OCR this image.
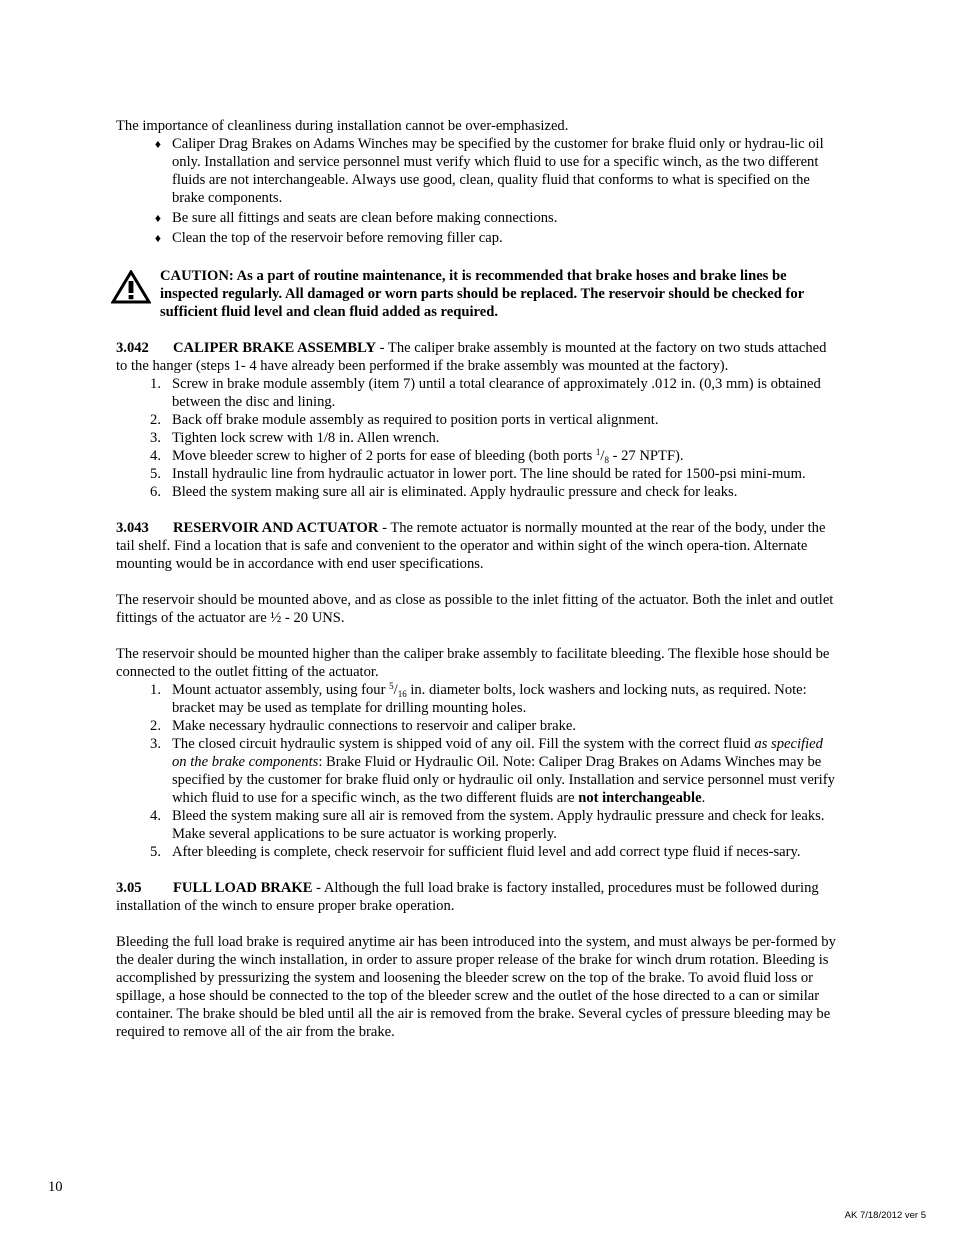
The importance of cleanliness during installation cannot be over-emphasized.

♦ Caliper Drag Brakes on Adams Winches may be specified by the customer for brake fluid only or hydrau-lic oil only. Installation and service personnel must verify which fluid to use for a specific winch, as the two different fluids are not interchangeable. Always use good, clean, quality fluid that conforms to what is specified on the brake components.
♦ Be sure all fittings and seats are clean before making connections.
♦ Clean the top of the reservoir before removing filler cap.
CAUTION: As a part of routine maintenance, it is recommended that brake hoses and brake lines be inspected regularly. All damaged or worn parts should be replaced. The reservoir should be checked for sufficient fluid level and clean fluid added as required.

3.042 CALIPER BRAKE ASSEMBLY - The caliper brake assembly is mounted at the factory on two studs attached to the hanger (steps 1- 4 have already been performed if the brake assembly was mounted at the factory).

1. Screw in brake module assembly (item 7) until a total clearance of approximately .012 in. (0,3 mm) is obtained between the disc and lining.
2. Back off brake module assembly as required to position ports in vertical alignment.
3. Tighten lock screw with 1/8 in. Allen wrench.
4. Move bleeder screw to higher of 2 ports for ease of bleeding (both ports $^1/_8 - 27$ NPTF).
5. Install hydraulic line from hydraulic actuator in lower port. The line should be rated for 1500-psi mini-mum.
6. Bleed the system making sure all air is eliminated. Apply hydraulic pressure and check for leaks.

3.043 RESERVOIR AND ACTUATOR - The remote actuator is normally mounted at the rear of the body, under the tail shelf. Find a location that is safe and convenient to the operator and within sight of the winch opera-tion. Alternate mounting would be in accordance with end user specifications.

The reservoir should be mounted above, and as close as possible to the inlet fitting of the actuator. Both the inlet and outlet fittings of the actuator are ½ - 20 UNS.

The reservoir should be mounted higher than the caliper brake assembly to facilitate bleeding. The flexible hose should be connected to the outlet fitting of the actuator.

1. Mount actuator assembly, using four $^5/_{16}$ in. diameter bolts, lock washers and locking nuts, as required. Note: bracket may be used as template for drilling mounting holes.
2. Make necessary hydraulic connections to reservoir and caliper brake.
3. The closed circuit hydraulic system is shipped void of any oil. Fill the system with the correct fluid as specified on the brake components: Brake Fluid or Hydraulic Oil. Note: Caliper Drag Brakes on Adams Winches may be specified by the customer for brake fluid only or hydraulic oil only. Installation and service personnel must verify which fluid to use for a specific winch, as the two different fluids are not interchangeable.
4. Bleed the system making sure all air is removed from the system. Apply hydraulic pressure and check for leaks. Make several applications to be sure actuator is working properly.
5. After bleeding is complete, check reservoir for sufficient fluid level and add correct type fluid if neces-sary.

3.05 FULL LOAD BRAKE - Although the full load brake is factory installed, procedures must be followed during installation of the winch to ensure proper brake operation.

Bleeding the full load brake is required anytime air has been introduced into the system, and must always be per-formed by the dealer during the winch installation, in order to assure proper release of the brake for winch drum rotation. Bleeding is accomplished by pressurizing the system and loosening the bleeder screw on the top of the brake. To avoid fluid loss or spillage, a hose should be connected to the top of the bleeder screw and the outlet of the hose directed to a can or similar container. The brake should be bled until all the air is removed from the brake. Several cycles of pressure bleeding may be required to remove all of the air from the brake.

10
AK 7/18/2012 ver 5
